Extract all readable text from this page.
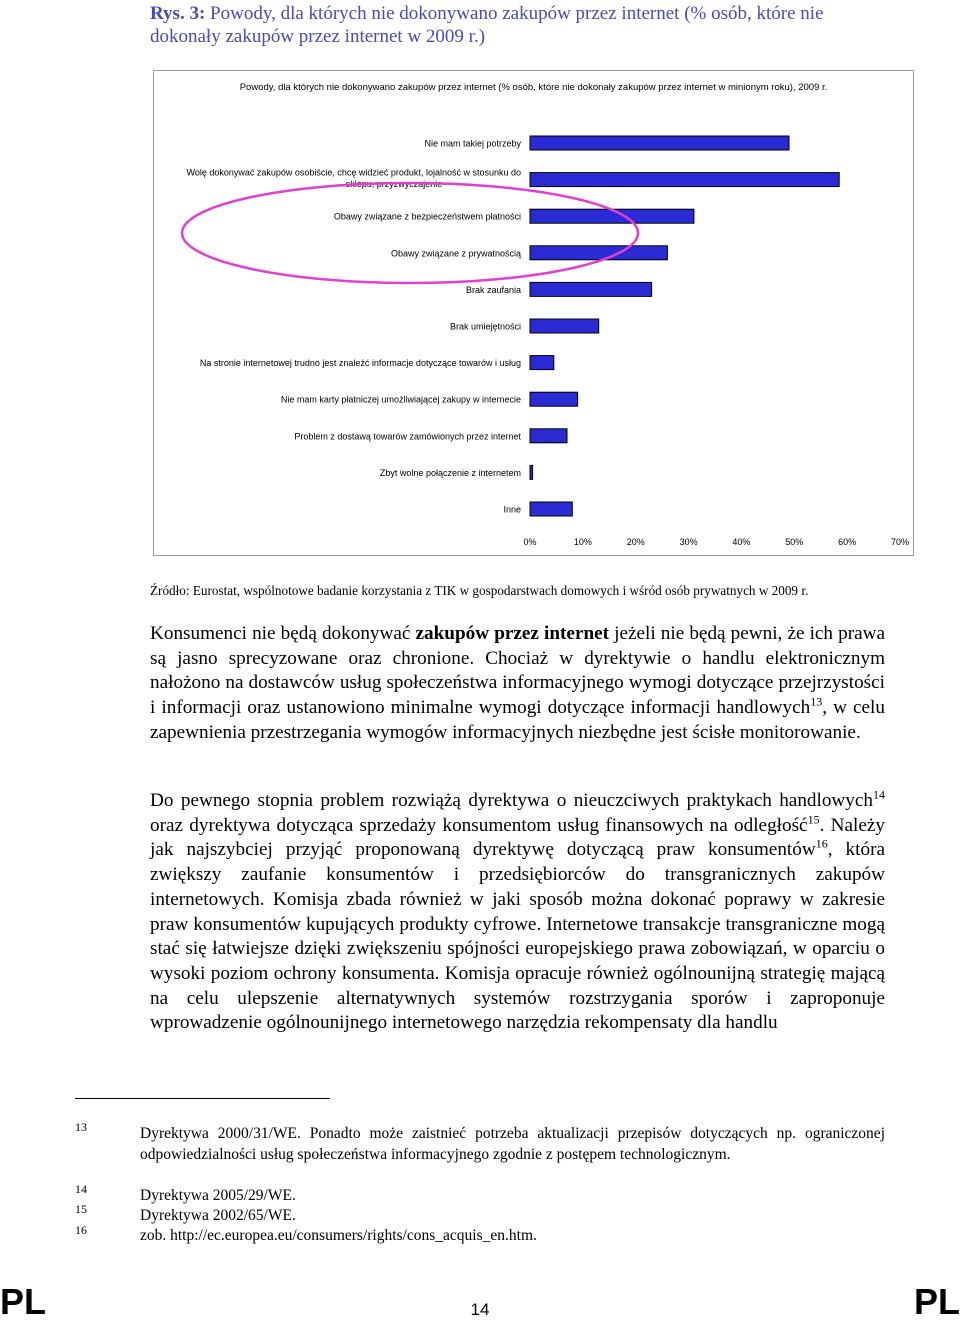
Rys. 3: Powody, dla których nie dokonywano zakupów przez internet (% osób, które nie dokonały zakupów przez internet w 2009 r.)
Powody, dla których nie dokonywano zakupów przez internet (% osób, które nie dokonały zakupów przez internet w minionym roku), 2009 r.
Nie mam takiej potrzeby
Wolę dokonywać zakupów osobiście, chcę widzieć produkt, lojalność w stosunku do
sklepu, przyzwyczajenie
Obawy związane z bezpieczeństwem płatności
Obawy związane z prywatnością
Brak zaufania
Brak umiejętności
Na stronie internetowej trudno jest znaleźć informacje dotyczące towarów i usług
Nie mam karty płatniczej umożliwiającej zakupy w internecie
Problem z dostawą towarów zamówionych przez internet
Zbyt wolne połączenie z internetem
Inne
0%	10%	20%	30%	40%	50%	60%	70%
Źródło: Eurostat, wspólnotowe badanie korzystania z TIK w gospodarstwach domowych i wśród osób prywatnych w 2009 r.
Konsumenci nie będą dokonywać zakupów przez internet jeżeli nie będą pewni, że ich prawa są jasno sprecyzowane oraz chronione. Chociaż w dyrektywie o handlu elektronicznym nałożono na dostawców usług społeczeństwa informacyjnego wymogi dotyczące przejrzystości i informacji oraz ustanowiono minimalne wymogi dotyczące informacji handlowych$^{13}$, w celu zapewnienia przestrzegania wymogów informacyjnych niezbędne jest ścisłe monitorowanie.
Do pewnego stopnia problem rozwiążą dyrektywa o nieuczciwych praktykach handlowych$^{14}$ oraz dyrektywa dotycząca sprzedaży konsumentom usług finansowych na odległość$^{15}$. Należy jak najszybciej przyjąć proponowaną dyrektywę dotyczącą praw konsumentów$^{16}$, która zwiększy zaufanie konsumentów i przedsiębiorców do transgranicznych zakupów internetowych. Komisja zbada również w jaki sposób można dokonać poprawy w zakresie praw konsumentów kupujących produkty cyfrowe. Internetowe transakcje transgraniczne mogą stać się łatwiejsze dzięki zwiększeniu spójności europejskiego prawa zobowiązań, w oparciu o wysoki poziom ochrony konsumenta. Komisja opracuje również ogólnounijną strategię mającą na celu ulepszenie alternatywnych systemów rozstrzygania sporów i zaproponuje wprowadzenie ogólnounijnego internetowego narzędzia rekompensaty dla handlu
13	Dyrektywa 2000/31/WE. Ponadto może zaistnieć potrzeba aktualizacji przepisów dotyczących np. ograniczonej odpowiedzialności usług społeczeństwa informacyjnego zgodnie z postępem technologicznym.
14	Dyrektywa 2005/29/WE.
15	Dyrektywa 2002/65/WE.
16	zob. http://ec.europea.eu/consumers/rights/cons_acquis_en.htm.
PL	PL
14
